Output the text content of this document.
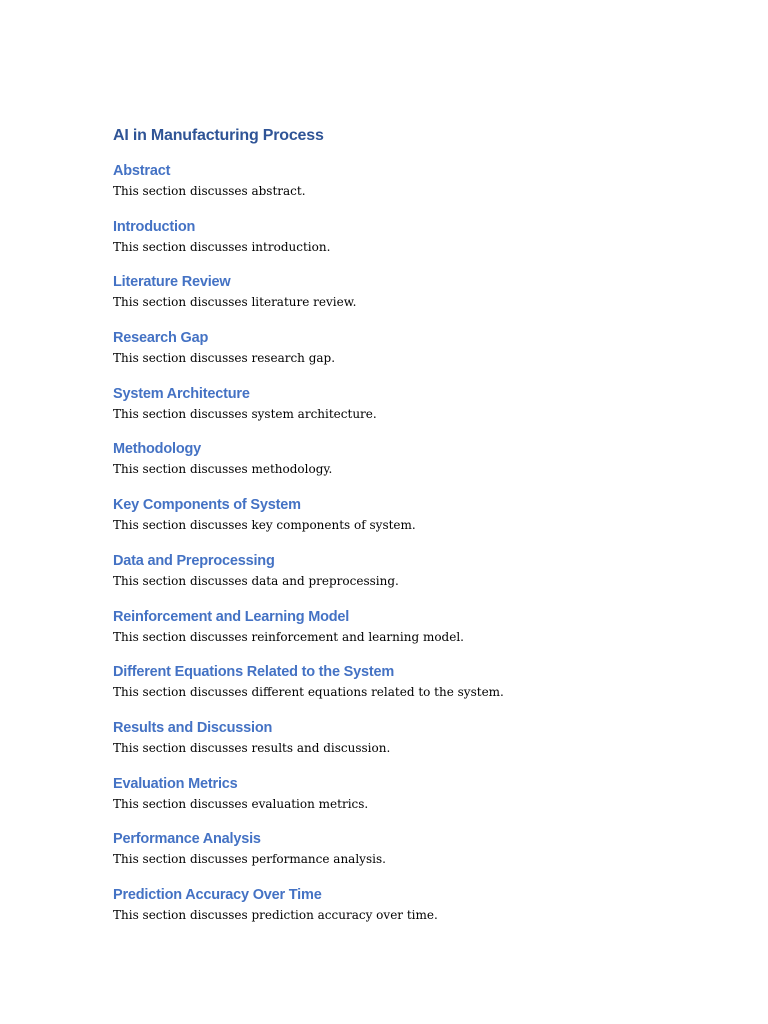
AI in Manufacturing Process
Abstract

This section discusses abstract.

Introduction

This section discusses introduction.

Literature Review

This section discusses literature review.

Research Gap

This section discusses research gap.

System Architecture

This section discusses system architecture.

Methodology

This section discusses methodology.

Key Components of System

This section discusses key components of system.

Data and Preprocessing

This section discusses data and preprocessing.

Reinforcement and Learning Model

This section discusses reinforcement and learning model.

Different Equations Related to the System

This section discusses different equations related to the system.

Results and Discussion

This section discusses results and discussion.

Evaluation Metrics

This section discusses evaluation metrics.

Performance Analysis

This section discusses performance analysis.

Prediction Accuracy Over Time

This section discusses prediction accuracy over time.
